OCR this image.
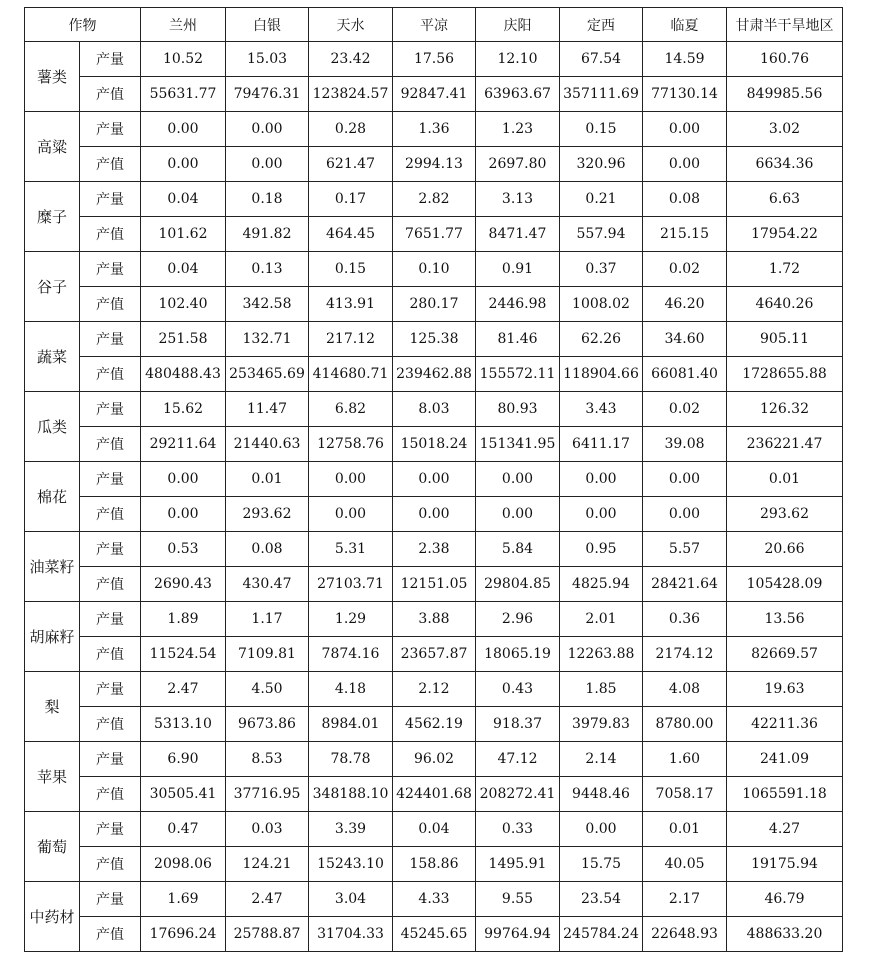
作物		兰州	白银	天水	平凉	庆阳	定西	临夏	甘肃半干旱地区
薯类	产量	10.52	15.03	23.42	17.56	12.10	67.54	14.59	160.76
	产值	55631.77	79476.31	123824.57	92847.41	63963.67	357111.69	77130.14	849985.56
高粱	产量	0.00	0.00	0.28	1.36	1.23	0.15	0.00	3.02
	产值	0.00	0.00	621.47	2994.13	2697.80	320.96	0.00	6634.36
糜子	产量	0.04	0.18	0.17	2.82	3.13	0.21	0.08	6.63
	产值	101.62	491.82	464.45	7651.77	8471.47	557.94	215.15	17954.22
谷子	产量	0.04	0.13	0.15	0.10	0.91	0.37	0.02	1.72
	产值	102.40	342.58	413.91	280.17	2446.98	1008.02	46.20	4640.26
蔬菜	产量	251.58	132.71	217.12	125.38	81.46	62.26	34.60	905.11
	产值	480488.43	253465.69	414680.71	239462.88	155572.11	118904.66	66081.40	1728655.88
瓜类	产量	15.62	11.47	6.82	8.03	80.93	3.43	0.02	126.32
	产值	29211.64	21440.63	12758.76	15018.24	151341.95	6411.17	39.08	236221.47
棉花	产量	0.00	0.01	0.00	0.00	0.00	0.00	0.00	0.01
	产值	0.00	293.62	0.00	0.00	0.00	0.00	0.00	293.62
油菜籽	产量	0.53	0.08	5.31	2.38	5.84	0.95	5.57	20.66
	产值	2690.43	430.47	27103.71	12151.05	29804.85	4825.94	28421.64	105428.09
胡麻籽	产量	1.89	1.17	1.29	3.88	2.96	2.01	0.36	13.56
	产值	11524.54	7109.81	7874.16	23657.87	18065.19	12263.88	2174.12	82669.57
梨	产量	2.47	4.50	4.18	2.12	0.43	1.85	4.08	19.63
	产值	5313.10	9673.86	8984.01	4562.19	918.37	3979.83	8780.00	42211.36
苹果	产量	6.90	8.53	78.78	96.02	47.12	2.14	1.60	241.09
	产值	30505.41	37716.95	348188.10	424401.68	208272.41	9448.46	7058.17	1065591.18
葡萄	产量	0.47	0.03	3.39	0.04	0.33	0.00	0.01	4.27
	产值	2098.06	124.21	15243.10	158.86	1495.91	15.75	40.05	19175.94
中药材	产量	1.69	2.47	3.04	4.33	9.55	23.54	2.17	46.79
	产值	17696.24	25788.87	31704.33	45245.65	99764.94	245784.24	22648.93	488633.20
